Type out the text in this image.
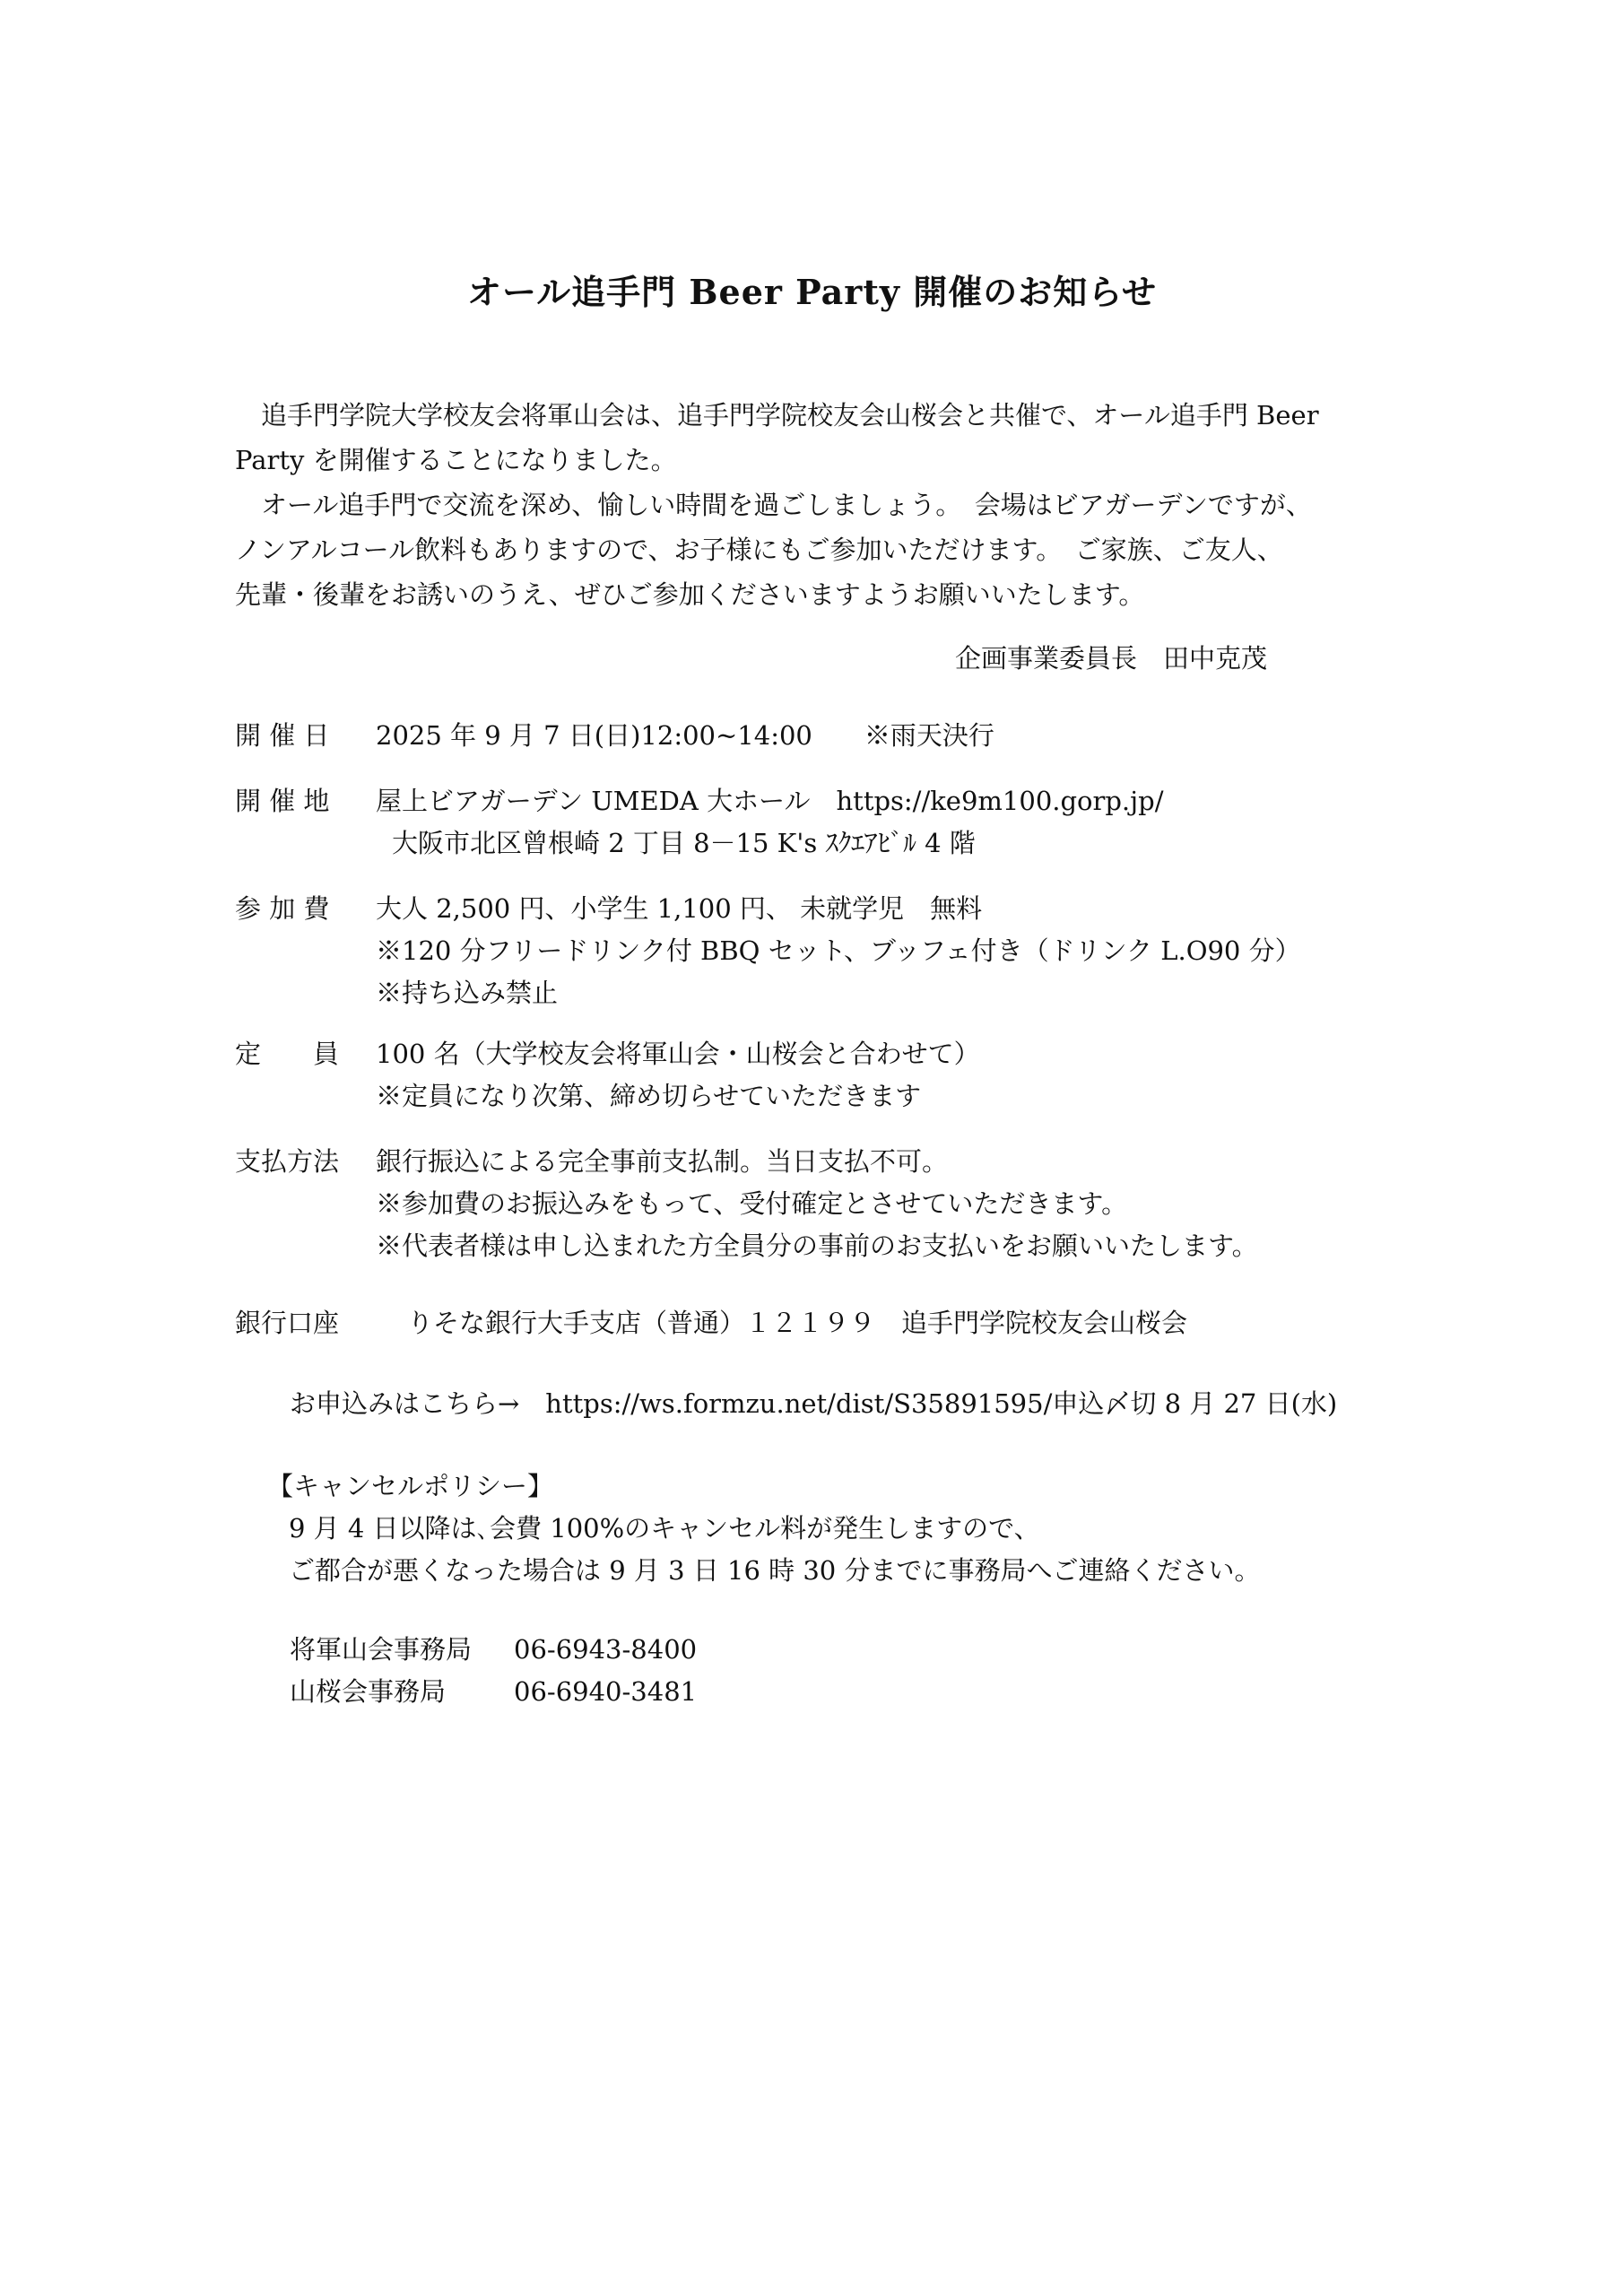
オール追手門 Beer Party 開催のお知らせ

　追手門学院大学校友会将軍山会は、追手門学院校友会山桜会と共催で、オール追手門 Beer

Party を開催することになりました。

　オール追手門で交流を深め、愉しい時間を過ごしましょう。　会場はビアガーデンですが、

ノンアルコール飲料もありますので、お子様にもご参加いただけます。　ご家族、ご友人、

先輩・後輩をお誘いのうえ、ぜひご参加くださいますようお願いいたします。

企画事業委員長　田中克茂
開 催 日	2025 年 9 月 7 日(日)12:00~14:00　　※雨天決行
開 催 地	屋上ビアガーデン UMEDA 大ホール　https://ke9m100.gorp.jp/
大阪市北区曾根崎 2 丁目 8－15 K's ｽｸｴｱﾋﾞﾙ 4 階
参 加 費	大人 2,500 円、小学生 1,100 円、 未就学児　無料
※120 分フリードリンク付 BBQ セット、ブッフェ付き（ドリンク L.O90 分）
※持ち込み禁止
定　　員	100 名（大学校友会将軍山会・山桜会と合わせて）
※定員になり次第、締め切らせていただきます
支払方法	銀行振込による完全事前支払制。当日支払不可。
※参加費のお振込みをもって、受付確定とさせていただきます。
※代表者様は申し込まれた方全員分の事前のお支払いをお願いいたします。
銀行口座	りそな銀行大手支店（普通）１２１９９　追手門学院校友会山桜会
お申込みはこちら→　https://ws.formzu.net/dist/S35891595/申込〆切 8 月 27 日(水)
【キャンセルポリシー】
9 月 4 日以降は､会費 100%のキャンセル料が発生しますので、
ご都合が悪くなった場合は 9 月 3 日 16 時 30 分までに事務局へご連絡ください。
将軍山会事務局 06-6943-8400
山桜会事務局	06-6940-3481
